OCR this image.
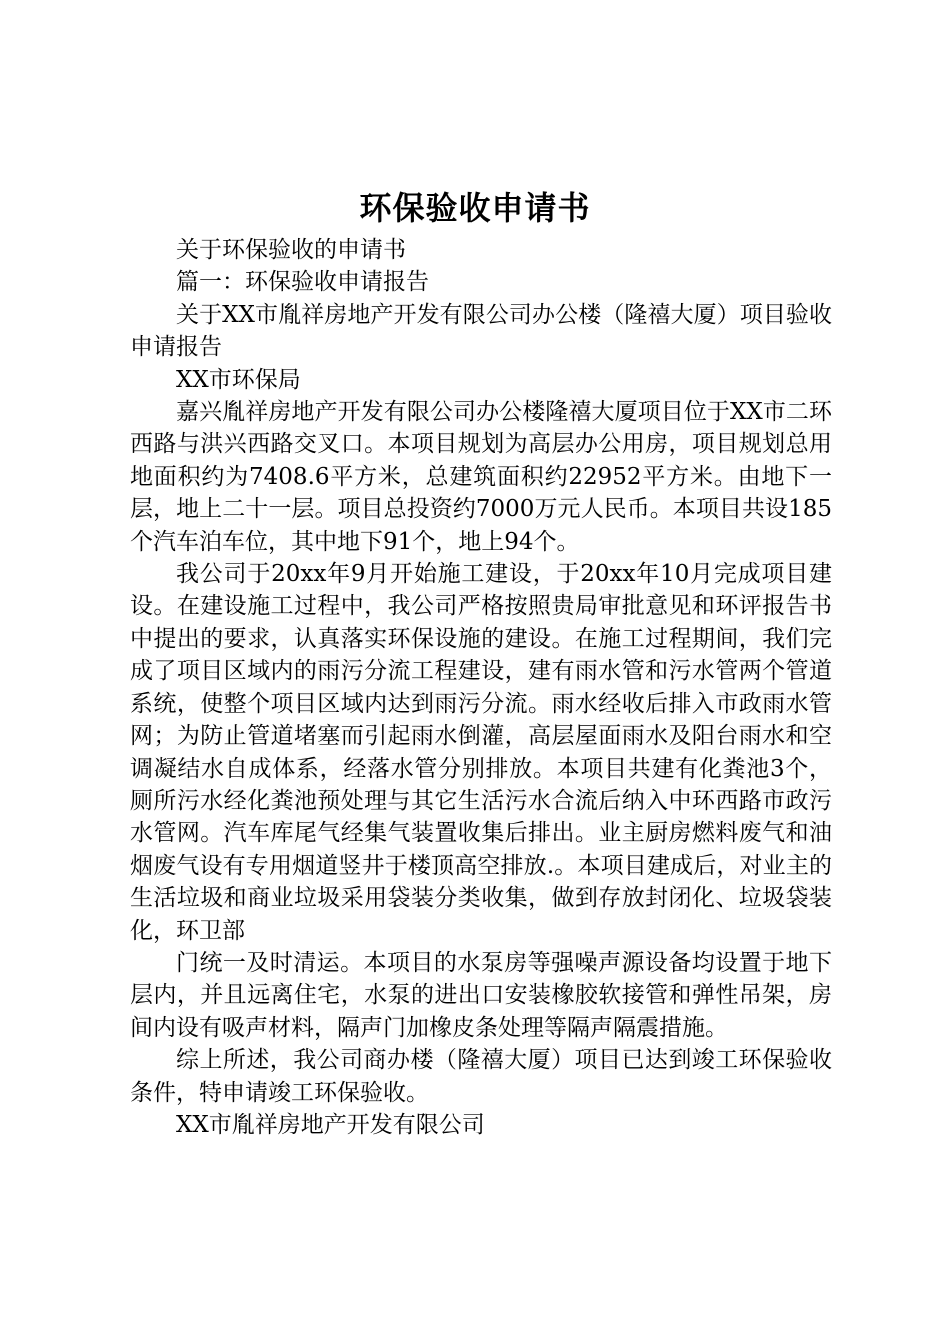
环保验收申请书

关于环保验收的申请书

篇一：环保验收申请报告

关于XX市胤祥房地产开发有限公司办公楼（隆禧大厦）项目验收申请报告

XX市环保局

嘉兴胤祥房地产开发有限公司办公楼隆禧大厦项目位于XX市二环西路与洪兴西路交叉口。本项目规划为高层办公用房，项目规划总用地面积约为7408.6平方米，总建筑面积约22952平方米。由地下一层，地上二十一层。项目总投资约7000万元人民币。本项目共设185个汽车泊车位，其中地下91个，地上94个。

我公司于20xx年9月开始施工建设，于20xx年10月完成项目建设。在建设施工过程中，我公司严格按照贵局审批意见和环评报告书中提出的要求，认真落实环保设施的建设。在施工过程期间，我们完成了项目区域内的雨污分流工程建设，建有雨水管和污水管两个管道系统，使整个项目区域内达到雨污分流。雨水经收后排入市政雨水管网；为防止管道堵塞而引起雨水倒灌，高层屋面雨水及阳台雨水和空调凝结水自成体系，经落水管分别排放。本项目共建有化粪池3个，厕所污水经化粪池预处理与其它生活污水合流后纳入中环西路市政污水管网。汽车库尾气经集气装置收集后排出。业主厨房燃料废气和油烟废气设有专用烟道竖井于楼顶高空排放.。本项目建成后，对业主的生活垃圾和商业垃圾采用袋装分类收集，做到存放封闭化、垃圾袋装化，环卫部

门统一及时清运。本项目的水泵房等强噪声源设备均设置于地下层内，并且远离住宅，水泵的进出口安装橡胶软接管和弹性吊架，房间内设有吸声材料，隔声门加橡皮条处理等隔声隔震措施。

综上所述，我公司商办楼（隆禧大厦）项目已达到竣工环保验收条件，特申请竣工环保验收。

XX市胤祥房地产开发有限公司
